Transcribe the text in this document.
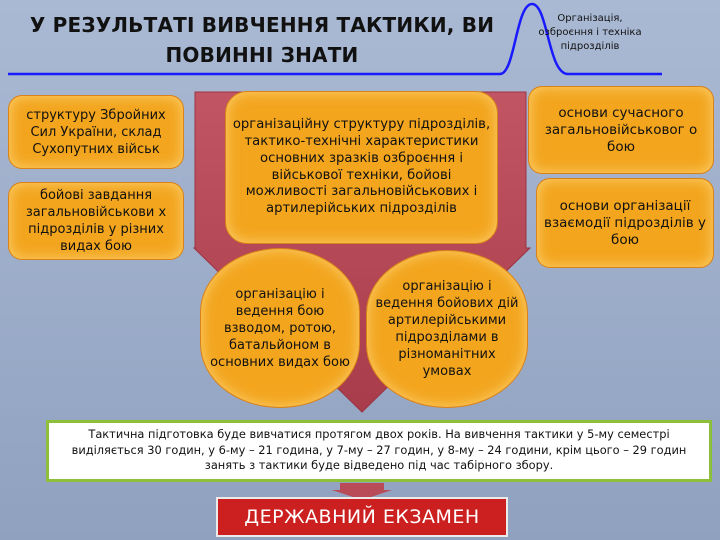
У РЕЗУЛЬТАТІ ВИВЧЕННЯ ТАКТИКИ, ВИ
ПОВИННІ ЗНАТИ
Організація, озброєння і техніка підрозділів
структуру Збройних Сил України, склад Сухопутних військ
бойові завдання загальновійськови х підрозділів у різних видах бою
організаційну структуру підрозділів, тактико-технічні характеристики основних зразків озброєння і військової техніки, бойові можливості загальновійськових і артилерійських підрозділів
організацію і ведення бою взводом, ротою, батальйоном в основних видах бою
організацію і ведення бойових дій артилерійськими підрозділами в різноманітних умовах
основи сучасного загальновійськовог о бою
основи організації взаємодії підрозділів у бою
Тактична підготовка буде вивчатися протягом двох років. На вивчення тактики у 5-му семестрі виділяється 30 годин, у 6-му – 21 година, у 7-му – 27 годин, у 8-му – 24 години, крім цього – 29 годин занять з тактики буде відведено під час табірного збору.
ДЕРЖАВНИЙ ЕКЗАМЕН
